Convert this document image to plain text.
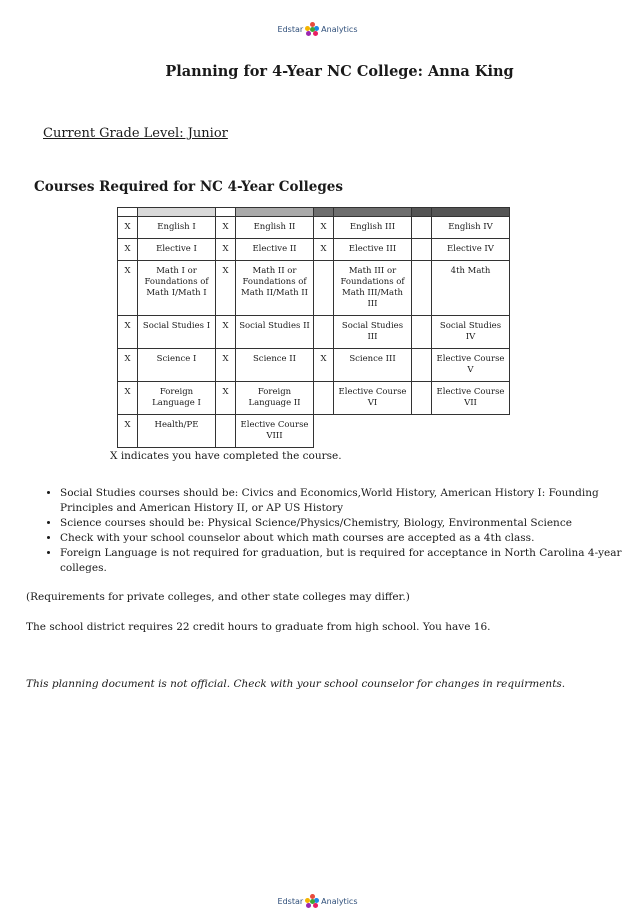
Edstar Analytics
Planning for 4-Year NC College: Anna King
Current Grade Level: Junior
Courses Required for NC 4-Year Colleges

X	English I	X	English II	X	English III		English IV
X	Elective I	X	Elective II	X	Elective III		Elective IV
X	Math I or Foundations of Math I/Math I	X	Math II or Foundations of Math II/Math II		Math III or Foundations of Math III/Math III		4th Math
X	Social Studies I	X	Social Studies II		Social Studies III		Social Studies IV
X	Science I	X	Science II	X	Science III		Elective Course V
X	Foreign Language I	X	Foreign Language II		Elective Course VI		Elective Course VII
X	Health/PE		Elective Course VIII				
X indicates you have completed the course.
• Social Studies courses should be: Civics and Economics,World History, American History I: Founding Principles and American History II, or AP US History
• Science courses should be: Physical Science/Physics/Chemistry, Biology, Environmental Science
• Check with your school counselor about which math courses are accepted as a 4th class.
• Foreign Language is not required for graduation, but is required for acceptance in North Carolina 4-year colleges.
(Requirements for private colleges, and other state colleges may differ.)
The school district requires 22 credit hours to graduate from high school. You have 16.
This planning document is not official. Check with your school counselor for changes in requirments.
Edstar Analytics
